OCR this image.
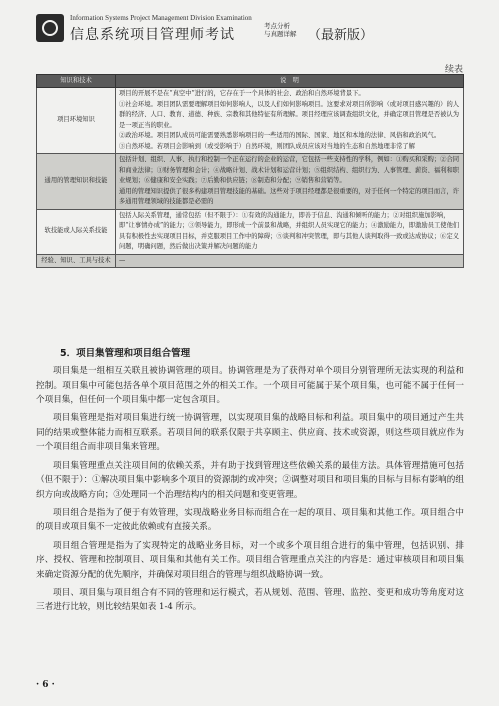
Information Systems Project Management Division Examination
信息系统项目管理师考试
考点分析
与真题详解 （最新版）
续表
知识和技术	说　明
项目环境知识	项目的开展不是在“真空中”进行的，它存在于一个具体的社会、政治和自然环境背景下。
①社会环境。项目团队需要理解项目如何影响人，以及人们如何影响项目。这要求对项目所影响（或对项目感兴趣的）的人群的经济、人口、教育、道德、种族、宗教和其他特征有所理解。项目经理应该调查组织文化，并确定项目管理是否被认为是一项正当的职业。
②政治环境。项目团队成员可能需要熟悉影响项目的一些适用的国际、国家、地区和本地的法律、风俗和政治风气。
③自然环境。若项目会影响到（或受影响于）自然环境，则团队成员应该对当地的生态和自然地理非常了解

通用的管理知识和技能	包括计划、组织、人事、执行和控制一个正在运行的企业的运营，它包括一些支持性的学科，例如：①购买和采购；②合同和商业法律；③财务管理和会计；④战略计划、战术计划和运营计划；⑤组织结构、组织行为、人事管理、薪资、福利和职业规划；⑥健康和安全实践；⑦后勤和供应链；⑧制造和分配；⑨销售和营销等。
通用的管理知识提供了很多构建项目管理技能的基础。这些对于项目经理都是很重要的，对于任何一个特定的项目而言，许多通用管理领域的技能都是必需的

软技能或人际关系技能	包括人际关系管理，通常包括（但不限于）：①有效的沟通能力，即善于信息、沟通和倾听的能力；②对组织施加影响，即“让事情办成”的能力；③领导能力，即形成一个前景和战略，并组织人员实现它的能力；④激励能力，即激励员工使他们具有积极性去实现项目目标，并克服项目工作中的障碍；⑤谈判和冲突管理，即与其他人谈判取得一致或达成协议；⑥定义问题，明确问题，然后做出决策并解决问题的能力

经验、知识、工具与技术	—
5．项目集管理和项目组合管理

项目集是一组相互关联且被协调管理的项目。协调管理是为了获得对单个项目分别管理所无法实现的利益和控制。项目集中可能包括各单个项目范围之外的相关工作。一个项目可能属于某个项目集，也可能不属于任何一个项目集，但任何一个项目集中都一定包含项目。

项目集管理是指对项目集进行统一协调管理，以实现项目集的战略目标和利益。项目集中的项目通过产生共同的结果或整体能力而相互联系。若项目间的联系仅限于共享顾主、供应商、技术或资源，则这些项目就应作为一个项目组合而非项目集来管理。

项目集管理重点关注项目间的依赖关系，并有助于找到管理这些依赖关系的最佳方法。具体管理措施可包括（但不限于）：①解决项目集中影响多个项目的资源制约或冲突；②调整对项目和项目集的目标与目标有影响的组织方向或战略方向；③处理同一个治理结构内的相关问题和变更管理。

项目组合是指为了便于有效管理，实现战略业务目标而组合在一起的项目、项目集和其他工作。项目组合中的项目或项目集不一定彼此依赖或有直接关系。

项目组合管理是指为了实现特定的战略业务目标，对一个或多个项目组合进行的集中管理，包括识别、排序、授权、管理和控制项目、项目集和其他有关工作。项目组合管理重点关注的内容是：通过审核项目和项目集来确定资源分配的优先顺序，并确保对项目组合的管理与组织战略协调一致。

项目、项目集与项目组合有不同的管理和运行模式，若从规划、范围、管理、监控、变更和成功等角度对这三者进行比较，则比较结果如表 1-4 所示。

· 6 ·
